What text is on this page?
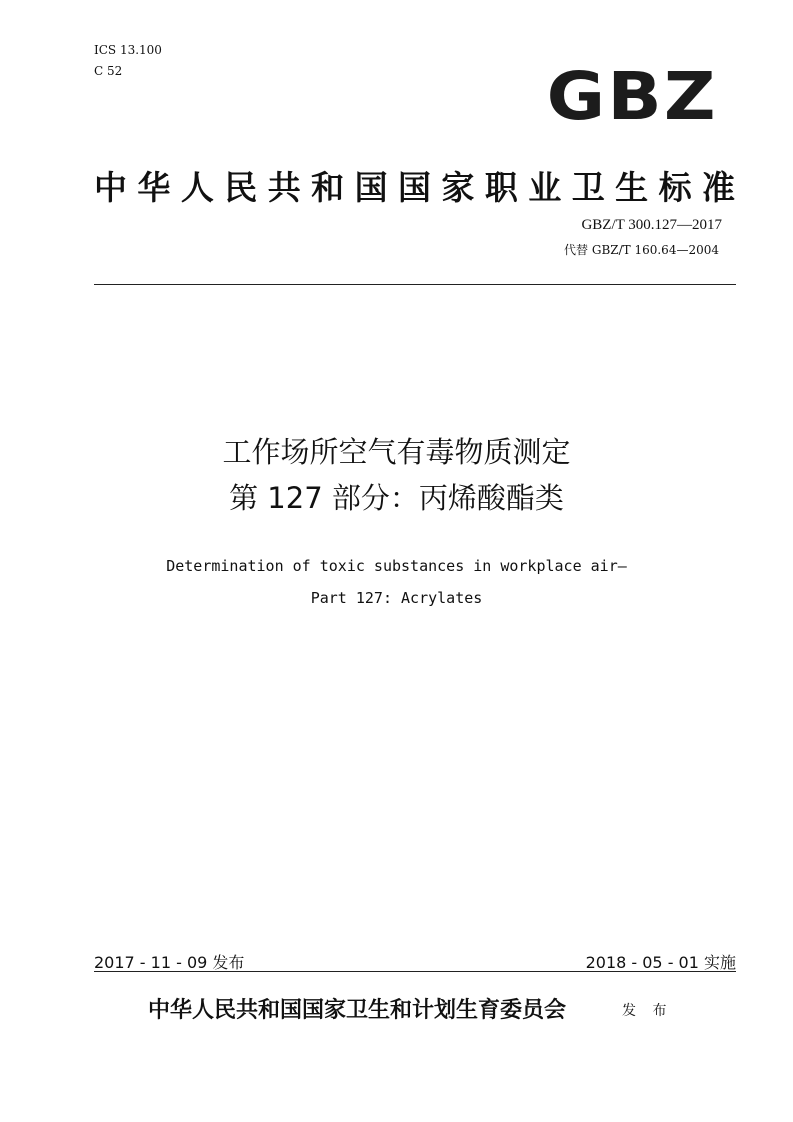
ICS 13.100
C 52	GBZ
中华人民共和国国家职业卫生标准
GBZ/T 300.127—2017
代替 GBZ/T 160.64—2004
工作场所空气有毒物质测定
第 127 部分：丙烯酸酯类
Determination of toxic substances in workplace air—
Part 127: Acrylates
2017 - 11 - 09 发布	2018 - 05 - 01 实施
中华人民共和国国家卫生和计划生育委员会	发 布
